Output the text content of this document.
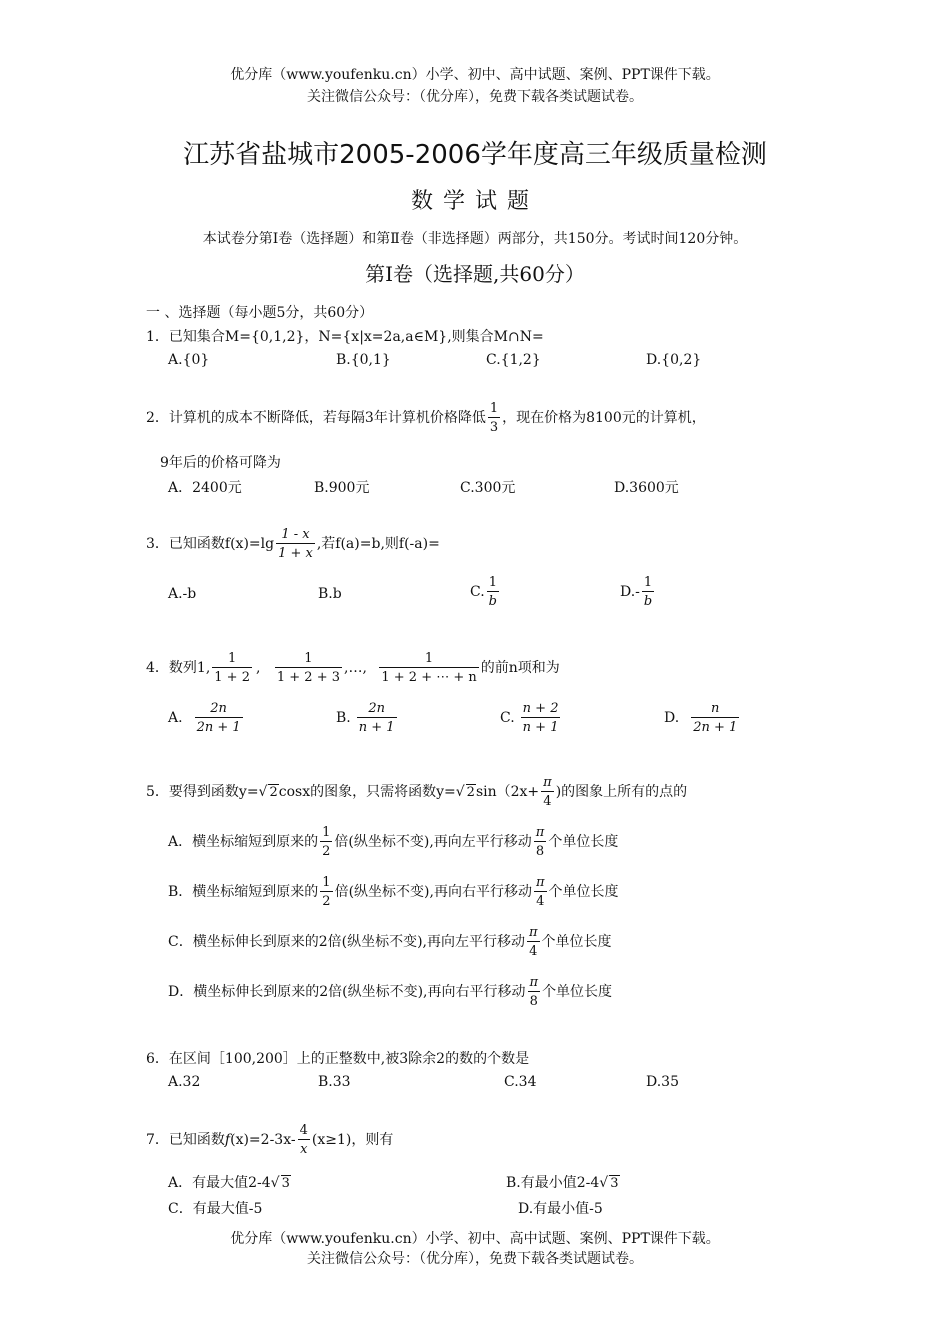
优分库（www.youfenku.cn）小学、初中、高中试题、案例、PPT课件下载。
关注微信公众号：（优分库），免费下载各类试题试卷。
江苏省盐城市2005-2006学年度高三年级质量检测
数学试题
本试卷分第Ⅰ卷（选择题）和第Ⅱ卷（非选择题）两部分，共150分。考试时间120分钟。
第Ⅰ卷（选择题,共60分）
一 、选择题（每小题5分，共60分）
1．已知集合M={0,1,2}，N={x|x=2a,a∈M},则集合M∩N=
A.{0}	B.{0,1}	C.{1,2}	D.{0,2}
2．计算机的成本不断降低，若每隔3年计算机价格降低 $\frac{1}{3}$ ，现在价格为8100元的计算机，
9年后的价格可降为
A．2400元	B.900元	C.300元	D.3600元
3．已知函数$f(x)=\lg \frac{1 - x}{1 + x}$ ,若f(a)=b,则f(-a)=
A.-b	B.b	C. $\frac{1}{b}$	$D.- \frac{1}{b}$
4．数列1, $\frac{1}{1 + 2}$ , $\frac{1}{1 + 2 + 3}$ ,…, $\frac{1}{1 + 2 + \cdots + n}$ 的前n项和为
A. $\frac{2n}{2n + 1}$	B. $\frac{2n}{n + 1}$	C. $\frac{n + 2}{n + 1}$	D. $\frac{n}{2n + 1}$
5．要得到函数y=√ 2cosx的图象，只需将函数y=√ $2\sin(2x+ \frac{\pi}{4}$ )的图象上所有的点的
A．横坐标缩短到原来的 $\frac{1}{2}$ 倍(纵坐标不变),再向左平行移动 $\frac{\pi}{8}$ 个单位长度
B．横坐标缩短到原来的 $\frac{1}{2}$ 倍(纵坐标不变),再向右平行移动 $\frac{\pi}{4}$ 个单位长度
C．横坐标伸长到原来的2倍(纵坐标不变),再向左平行移动 $\frac{\pi}{4}$ 个单位长度
D．横坐标伸长到原来的2倍(纵坐标不变),再向右平行移动 $\frac{\pi}{8}$ 个单位长度
6．在区间［100,200］上的正整数中,被3除余2的数的个数是
A.32	B.33	C.34	D.35
7．已知函数$f(x)=2-3x- \frac{4}{x} (x\ge 1)$，则有
A．有最大值2-4√ 3	B.有最小值2-4√ 3
C．有最大值-5	D.有最小值-5
优分库（www.youfenku.cn）小学、初中、高中试题、案例、PPT课件下载。
关注微信公众号：（优分库），免费下载各类试题试卷。
